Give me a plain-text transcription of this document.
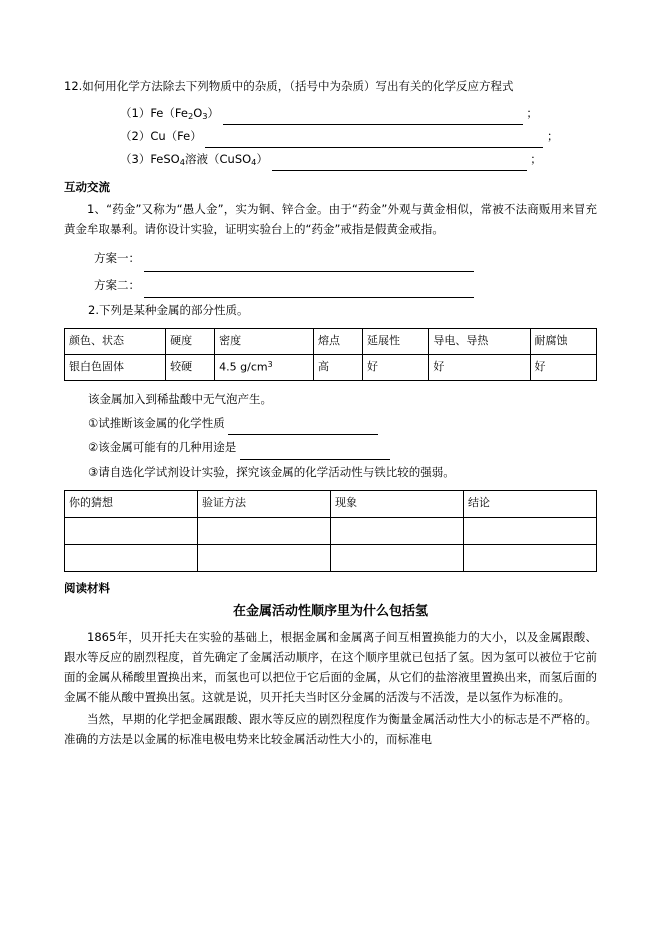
12.如何用化学方法除去下列物质中的杂质，（括号中为杂质）写出有关的化学反应方程式
$(1)Fe(Fe_2O_3)$	；
（2）Cu（Fe）	；
（3）FeSO$_4$溶液（CuSO$_4$）	；
互动交流
1、“药金”又称为“愚人金”，实为铜、锌合金。由于“药金”外观与黄金相似，常被不法商贩用来冒充黄金牟取暴利。请你设计实验，证明实验台上的“药金”戒指是假黄金戒指。
方案一：
方案二：
2.下列是某种金属的部分性质。
颜色、状态	硬度	密度	熔点	延展性	导电、导热	耐腐蚀
银白色固体	较硬	4.5 $g/cm^3$	高	好	好	好
该金属加入到稀盐酸中无气泡产生。
①试推断该金属的化学性质
②该金属可能有的几种用途是
③请自选化学试剂设计实验，探究该金属的化学活动性与铁比较的强弱。
你的猜想	验证方法	现象	结论

阅读材料
在金属活动性顺序里为什么包括氢
1865年，贝开托夫在实验的基础上，根据金属和金属离子间互相置换能力的大小，以及金属跟酸、跟水等反应的剧烈程度，首先确定了金属活动顺序，在这个顺序里就已包括了氢。因为氢可以被位于它前面的金属从稀酸里置换出来，而氢也可以把位于它后面的金属，从它们的盐溶液里置换出来，而氢后面的金属不能从酸中置换出氢。这就是说，贝开托夫当时区分金属的活泼与不活泼，是以氢作为标准的。
当然，早期的化学把金属跟酸、跟水等反应的剧烈程度作为衡量金属活动性大小的标志是不严格的。准确的方法是以金属的标准电极电势来比较金属活动性大小的，而标准电
